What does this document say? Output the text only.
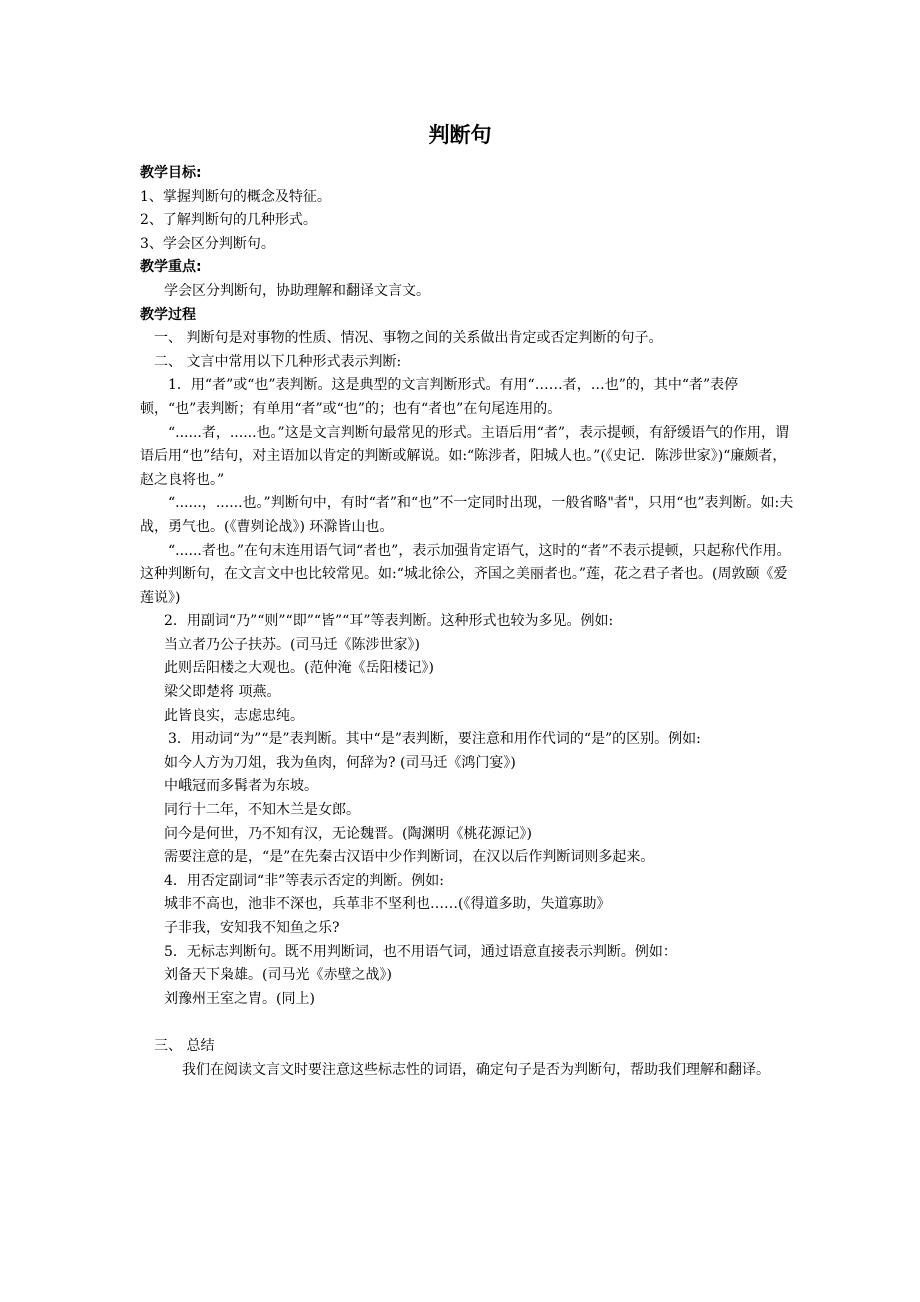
判断句

教学目标:

1、掌握判断句的概念及特征。

2、了解判断句的几种形式。

3、学会区分判断句。

教学重点:

学会区分判断句，协助理解和翻译文言文。

教学过程

一、 判断句是对事物的性质、情况、事物之间的关系做出肯定或否定判断的句子。

二、 文言中常用以下几种形式表示判断:

1．用“者”或“也”表判断。这是典型的文言判断形式。有用“……者，…也”的，其中“者”表停顿，“也”表判断；有单用“者”或“也”的；也有“者也”在句尾连用的。

“......者，......也。”这是文言判断句最常见的形式。主语后用“者”，表示提顿，有舒缓语气的作用，谓语后用“也”结句，对主语加以肯定的判断或解说。如:“陈涉者，阳城人也。”(《史记．陈涉世家》)“廉颇者，赵之良将也。”

“......，......也。”判断句中，有时“者”和“也”不一定同时出现，一般省略"者"，只用“也”表判断。如:夫战，勇气也。(《曹刿论战》) 环滁皆山也。

“......者也。”在句末连用语气词“者也”，表示加强肯定语气，这时的“者”不表示提顿，只起称代作用。这种判断句，在文言文中也比较常见。如:“城北徐公，齐国之美丽者也。”莲，花之君子者也。(周敦颐《爱莲说》)

2．用副词“乃”“则”“即”“皆”“耳”等表判断。这种形式也较为多见。例如:

当立者乃公子扶苏。(司马迁《陈涉世家》)

此则岳阳楼之大观也。(范仲淹《岳阳楼记》)

梁父即楚将 项燕。

此皆良实，志虑忠纯。

3．用动词“为”“是”表判断。其中“是”表判断，要注意和用作代词的“是”的区别。例如:

如今人方为刀俎，我为鱼肉，何辞为? (司马迁《鸿门宴》)

中峨冠而多髯者为东坡。

同行十二年，不知木兰是女郎。

问今是何世，乃不知有汉，无论魏晋。(陶渊明《桃花源记》)

需要注意的是，“是”在先秦古汉语中少作判断词，在汉以后作判断词则多起来。

4．用否定副词“非”等表示否定的判断。例如:

城非不高也，池非不深也，兵革非不坚利也……(《得道多助，失道寡助》

子非我，安知我不知鱼之乐?

5．无标志判断句。既不用判断词，也不用语气词，通过语意直接表示判断。例如：

刘备天下枭雄。(司马光《赤壁之战》)

刘豫州王室之胄。(同上)

三、 总结

我们在阅读文言文时要注意这些标志性的词语，确定句子是否为判断句，帮助我们理解和翻译。
